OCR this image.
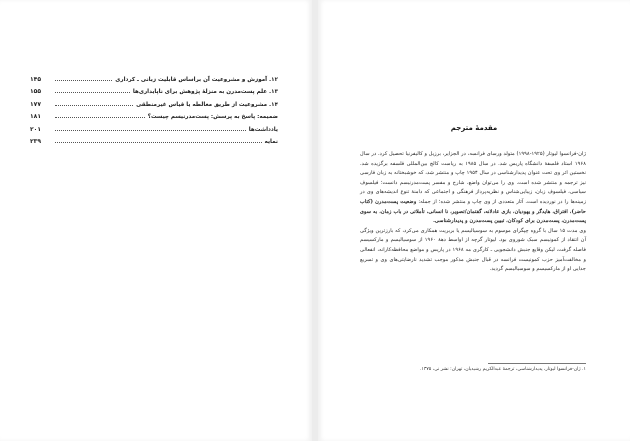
۱۲. آموزش و مشروعیت آن براساس قابلیت زبانی ـ کرداری
۱۴۵
۱۳. علم پست‌مدرن به منزلهٔ پژوهش برای ناپایداری‌ها
۱۵۵
۱۴. مشروعیت از طریق مغالطه یا قیاس غیرمنطقی
۱۷۷
ضمیمه: پاسخ به پرسش: پست‌مدرنیسم چیست؟
۱۸۱
یادداشت‌ها
۲۰۱
نمایه
۲۳۹
مقدمهٔ مترجم

ژان-فرانسوا لیوتار (۱۹۲۵-۱۹۹۸) متولد ورسای فرانسه، در الجزایر، برزیل و کالیفرنیا تحصیل کرد. در سال ۱۹۶۸ استاد فلسفهٔ دانشگاه پاریس شد. در سال ۱۹۸۵ به ریاست کالج بین‌المللی فلسفه برگزیده شد. نخستین اثر وی تحت عنوان پدیدارشناسی در سال ۱۹۵۴ چاپ و منتشر شد، که خوشبختانه به زبان فارسی نیز ترجمه و منتشر شده است. وی را می‌توان واضع، شارح و مفسر پست‌مدرنیسم دانست؛ فیلسوف سیاسی، فیلسوف زبان، زیبایی‌شناس و نظریه‌پرداز فرهنگی و اجتماعی که دامنهٔ تنوع اندیشه‌های وی در زمینه‌ها را در نوردیده است. آثار متعددی از وی چاپ و منتشر شده؛ از جمله: وضعیت پست‌مدرن (کتاب حاضر)، افتراق، هایدگر و یهودیان، بازی عادلانه، گفتمان/تصویر، نا انسانی، تأملاتی در باب زمان، به سوی پست‌مدرن، پست‌مدرن برای کودکان، تبیین پست‌مدرن و پدیدارشناسی.
وی مدت ۱۵ سال با گروه چپگرای موسوم به سوسیالیسم یا بربریت همکاری می‌کرد، که بارزترین ویژگی آن انتقاد از کمونیسم سبک شوروی بود. لیوتار گرچه از اواسط دههٔ ۱۹۶۰ از سوسیالیسم و مارکسیسم فاصله گرفت، لیکن وقایع جنبش دانشجویی ـ کارگری مه ۱۹۶۸ در پاریس و مواضع محافظه‌کارانه، انفعالی و مخالفت‌آمیز حزب کمونیست فرانسه در قبال جنبش مذکور موجب تشدید نارضایتی‌های وی و تسریع جدایی او از مارکسیسم و سوسیالیسم گردید.

۱. ژان-فرانسوا لیوتار، پدیدارشناسی، ترجمهٔ عبدالکریم رشیدیان، تهران: نشر نی، ۱۳۷۵.
